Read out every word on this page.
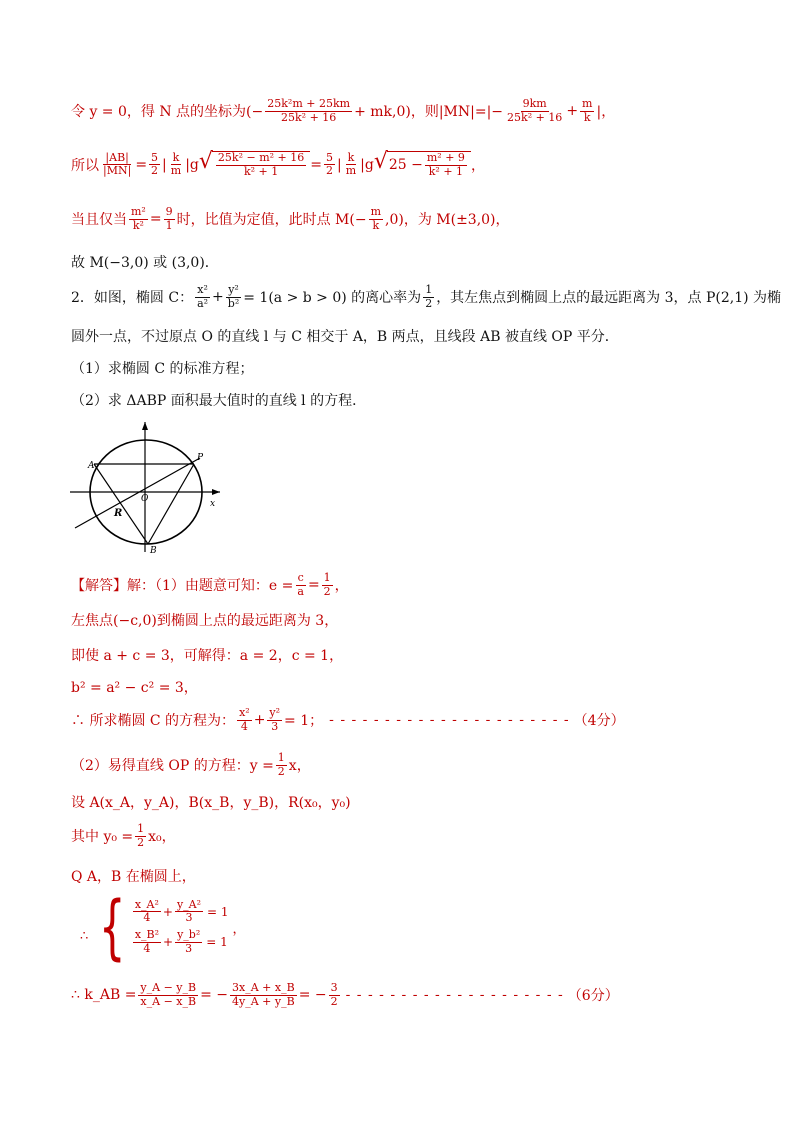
令 y = 0，得 N 点的坐标为(− $\frac{\text{25k²m + 25km}}{\text{25k² + 16}} + mk,0$)，则$|MN|=|- \frac{9km}{\text{25k² + 16}} + \frac{m}{k}$ |，
所以 $\frac{|AB|}{|MN|} = \frac{5}{2}$ | $\frac{k}{m} |g$ √ $\frac{\text{25k² − m² + 16}}{\text{k² + 1}} = \frac{5}{2}$ | $\frac{k}{m} |g$ √ $25 - \frac{\text{m² + 9}}{\text{k² + 1}}$ ，
当且仅当 $\frac{\text{m²}}{\text{k²}} = \frac{9}{1}$ 时，比值为定值，此时点 $M(- \frac{m}{k} ,0)$，为 M(±3,0)，
故 M(−3,0) 或 (3,0)．
2．如图，椭圆 C： $\frac{\text{x²}}{\text{a²}} + \frac{\text{y²}}{\text{b²}} = 1(a > b > 0)$ 的离心率为 $\frac{1}{2}$ ，其左焦点到椭圆上点的最远距离为 3，点 P(2,1) 为椭
圆外一点，不过原点 O 的直线 l 与 C 相交于 A，B 两点，且线段 AB 被直线 OP 平分．
（1）求椭圆 C 的标准方程；
（2）求 ΔABP 面积最大值时的直线 l 的方程．
A
P
O	x
R
B
【解答】 解：（1）由题意可知：$e = \frac{c}{a} = \frac{1}{2}$ ，
左焦点(−c,0)到椭圆上点的最远距离为 3，
即使 a + c = 3，可解得：a = 2，c = 1，
b² = a² − c² = 3，
∴ 所求椭圆 C 的方程为： $\frac{\text{x²}}{4} + \frac{\text{y²}}{3} = 1$； - - - - - - - - - - - - - - - - - - - - - - （4分）
（2）易得直线 OP 的方程：$y = \frac{1}{2}$ x，
设 A(x_A，y_A)，B(x_B，y_B)，R(x₀，y₀)
其中 $y_0 = \frac{1}{2} x_0$，
Q A，B 在椭圆上，
∴ { $\frac{\text{x\_A²}}{4} + \frac{\text{y\_A²}}{3} = 1$
$\frac{\text{x\_B²}}{4} + \frac{\text{y\_b²}}{3} = 1$
，
∴ k_AB = $\frac{y\_A - y\_B}{x\_A - x\_B}$ = − $\frac{3x\_A + x\_B}{4y\_A + y\_B}$ = − $\frac{3}{2}$ - - - - - - - - - - - - - - - - - - - - （6分）
